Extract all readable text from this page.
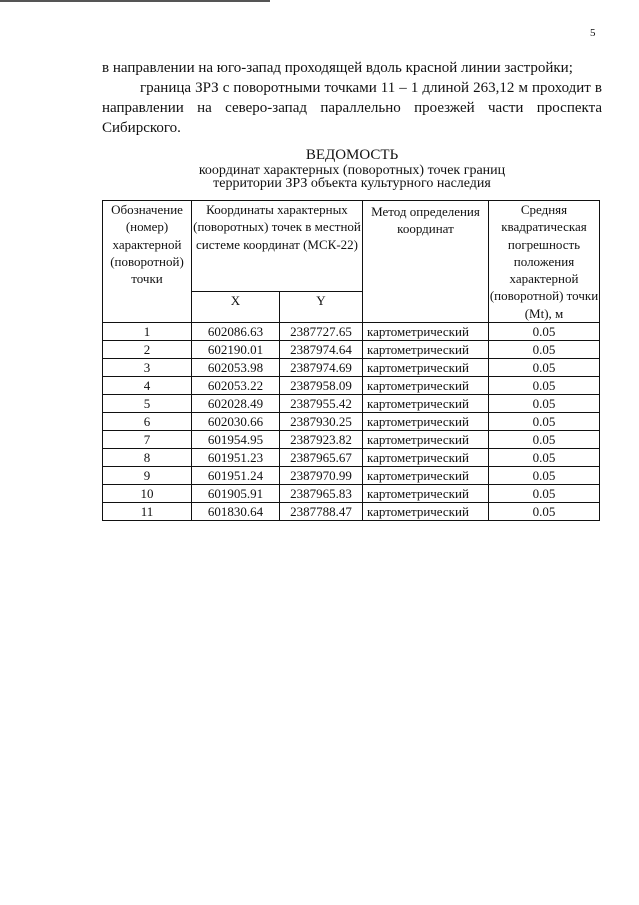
5
в направлении на юго-запад проходящей вдоль красной линии застройки;
граница ЗРЗ с поворотными точками 11 – 1 длиной 263,12 м проходит в направлении на северо-запад параллельно проезжей части проспекта Сибирского.
ВЕДОМОСТЬ
координат характерных (поворотных) точек границ
территории ЗРЗ объекта культурного наследия
Обозначение (номер) характерной (поворотной) точки	Координаты характерных (поворотных) точек в местной системе координат (МСК-22)		Метод определения координат	Средняя квадратическая погрешность положения характерной (поворотной) точки (Mt), м
	X	Y		
1	602086.63	2387727.65	картометрический	0.05
2	602190.01	2387974.64	картометрический	0.05
3	602053.98	2387974.69	картометрический	0.05
4	602053.22	2387958.09	картометрический	0.05
5	602028.49	2387955.42	картометрический	0.05
6	602030.66	2387930.25	картометрический	0.05
7	601954.95	2387923.82	картометрический	0.05
8	601951.23	2387965.67	картометрический	0.05
9	601951.24	2387970.99	картометрический	0.05
10	601905.91	2387965.83	картометрический	0.05
11	601830.64	2387788.47	картометрический	0.05
